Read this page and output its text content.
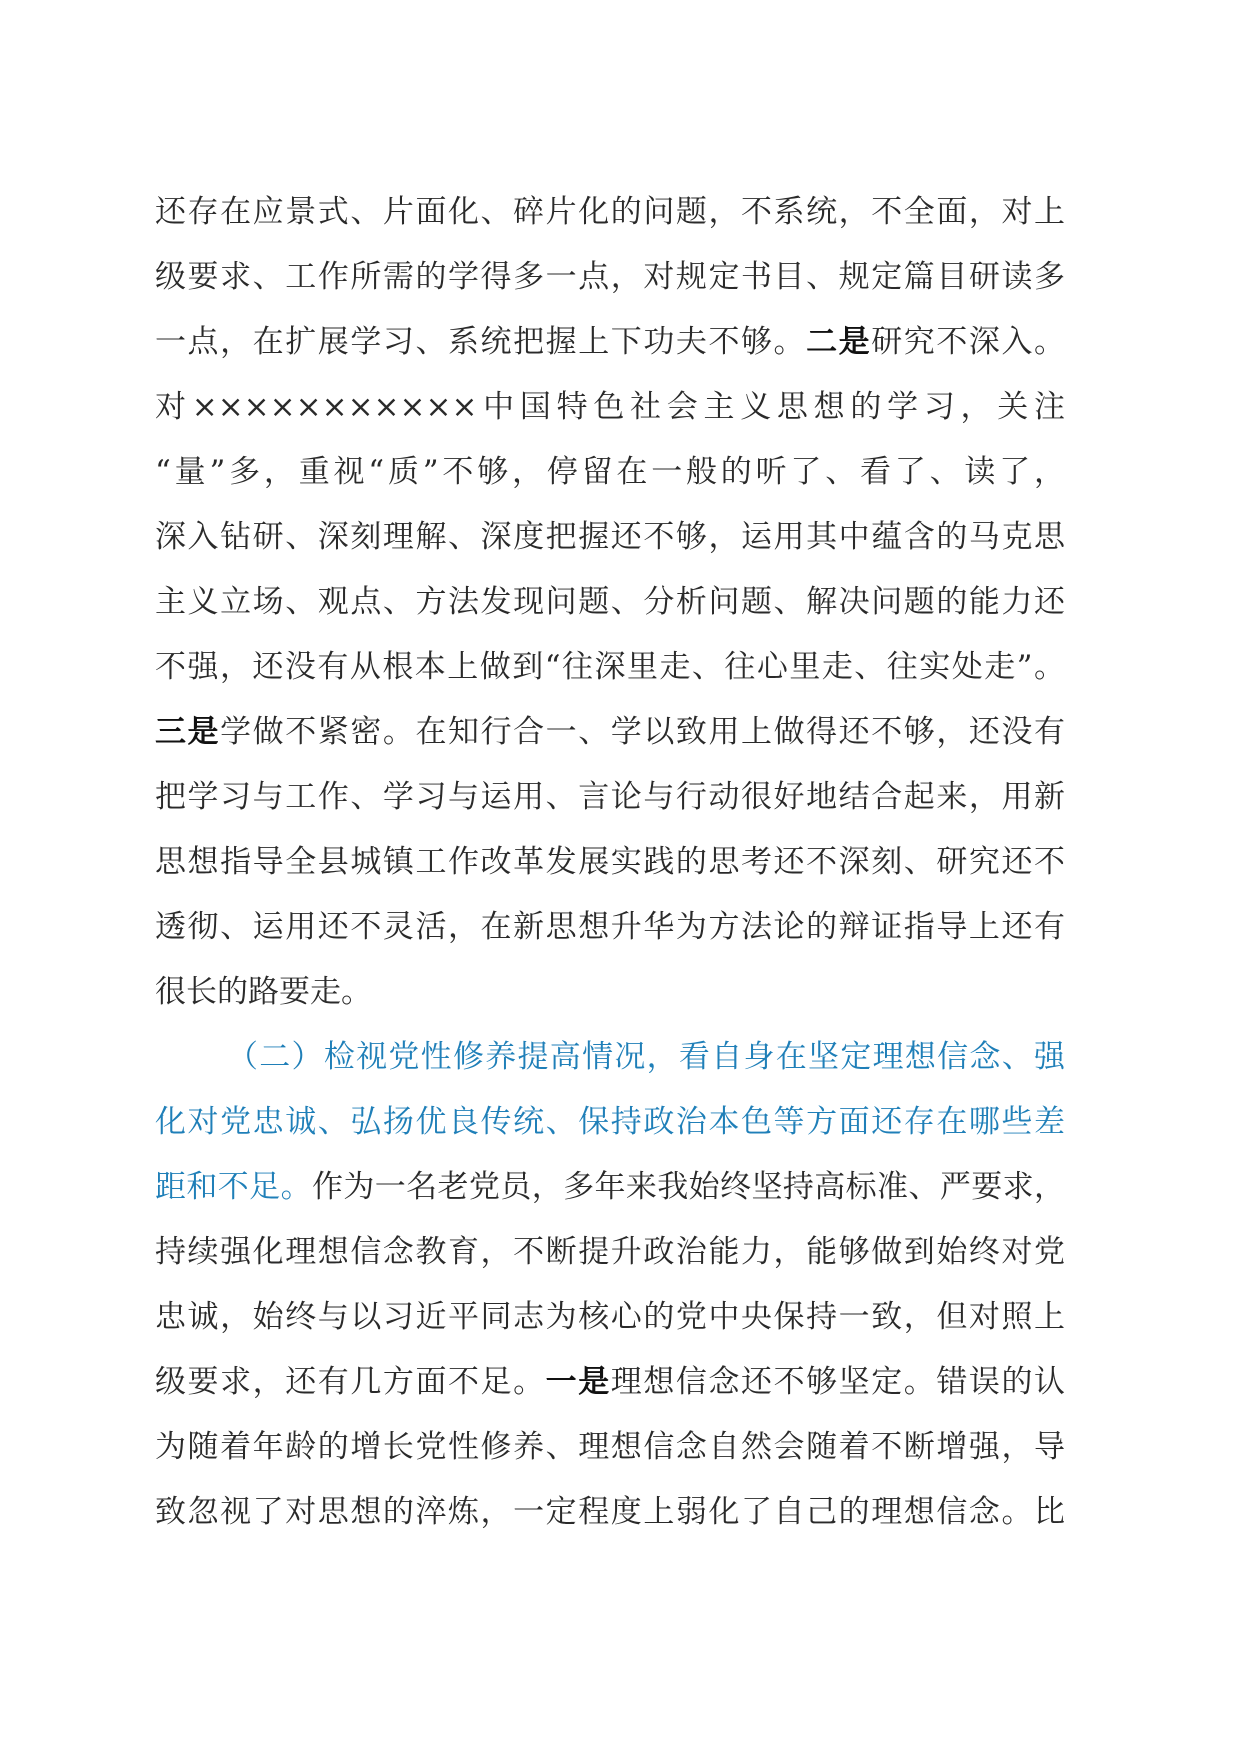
还存在应景式、片面化、碎片化的问题，不系统，不全面，对上
级要求、工作所需的学得多一点，对规定书目、规定篇目研读多
一点，在扩展学习、系统把握上下功夫不够。二是研究不深入。
对×××××××××××中国特色社会主义思想的学习，关注
“量”多，重视“质”不够，停留在一般的听了、看了、读了，
深入钻研、深刻理解、深度把握还不够，运用其中蕴含的马克思
主义立场、观点、方法发现问题、分析问题、解决问题的能力还
不强，还没有从根本上做到“往深里走、往心里走、往实处走”。
三是学做不紧密。在知行合一、学以致用上做得还不够，还没有
把学习与工作、学习与运用、言论与行动很好地结合起来，用新
思想指导全县城镇工作改革发展实践的思考还不深刻、研究还不
透彻、运用还不灵活，在新思想升华为方法论的辩证指导上还有
很长的路要走。
（二）检视党性修养提高情况，看自身在坚定理想信念、强
化对党忠诚、弘扬优良传统、保持政治本色等方面还存在哪些差
距和不足。作为一名老党员，多年来我始终坚持高标准、严要求，
持续强化理想信念教育，不断提升政治能力，能够做到始终对党
忠诚，始终与以习近平同志为核心的党中央保持一致，但对照上
级要求，还有几方面不足。一是理想信念还不够坚定。错误的认
为随着年龄的增长党性修养、理想信念自然会随着不断增强，导
致忽视了对思想的淬炼，一定程度上弱化了自己的理想信念。比
